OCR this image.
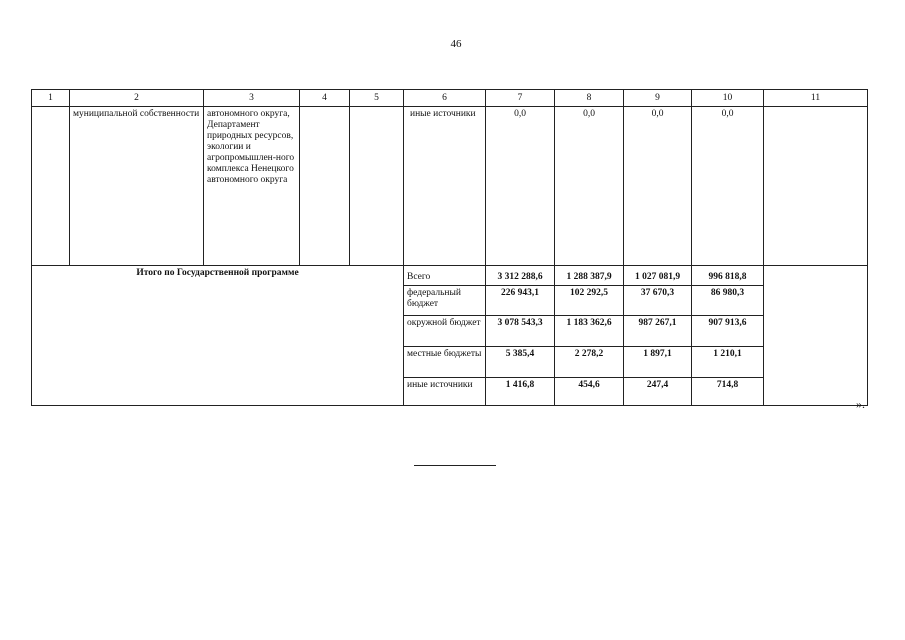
46
1	2	3	4	5	6	7	8	9	10	11
	муниципальной собственности	автономного округа, Департамент природных ресурсов, экологии и агропромышлен-ного комплекса Ненецкого автономного округа			иные источники	0,0	0,0	0,0	0,0	
Итого по Государственной программе					Всего	3 312 288,6	1 288 387,9	1 027 081,9	996 818,8	
					федеральный бюджет	226 943,1	102 292,5	37 670,3	86 980,3	
					окружной бюджет	3 078 543,3	1 183 362,6	987 267,1	907 913,6	
					местные бюджеты	5 385,4	2 278,2	1 897,1	1 210,1	
					иные источники	1 416,8	454,6	247,4	714,8	
».
